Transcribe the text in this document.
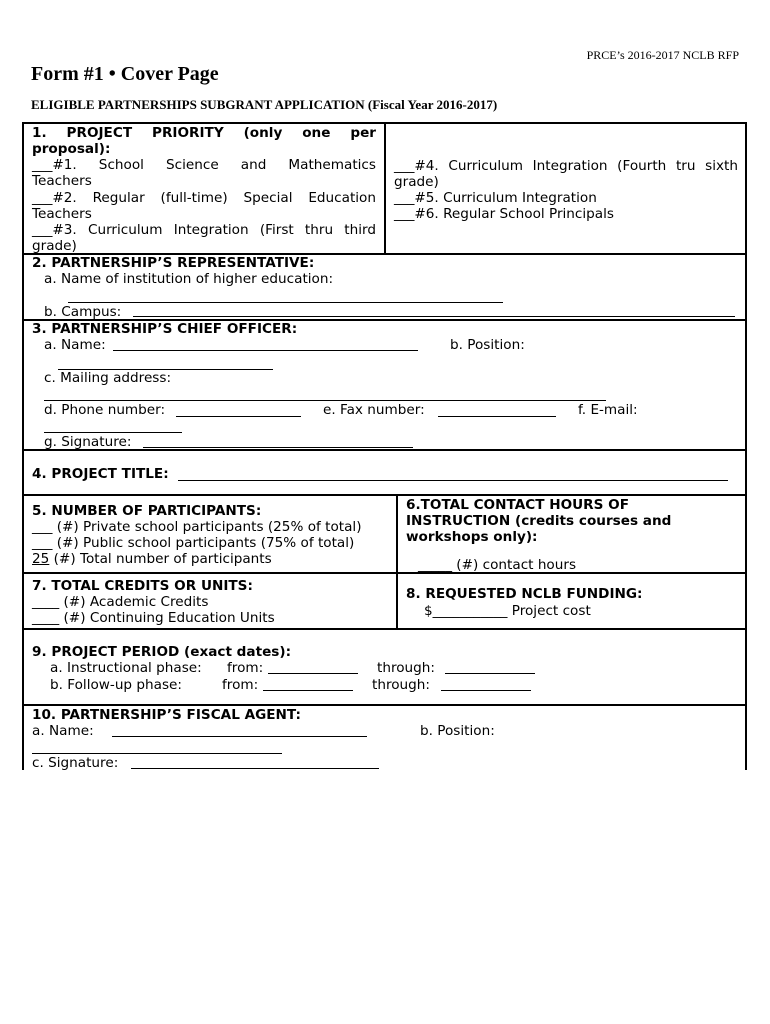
PRCE’s 2016-2017 NCLB RFP
Form #1 • Cover Page
ELIGIBLE PARTNERSHIPS SUBGRANT APPLICATION (Fiscal Year 2016-2017)
1. PROJECT PRIORITY (only one per
proposal):
___#1. School Science and Mathematics
Teachers
___#2. Regular (full-time) Special Education
Teachers
___#3. Curriculum Integration (First thru third
grade)
___#4. Curriculum Integration (Fourth tru sixth
grade)
___#5. Curriculum Integration
___#6. Regular School Principals
2. PARTNERSHIP’S REPRESENTATIVE:
a. Name of institution of higher education:
b. Campus:
3. PARTNERSHIP’S CHIEF OFFICER:
a. Name:	b. Position:
c. Mailing address:
d. Phone number:	e. Fax number:	f. E-mail:
g. Signature:
4. PROJECT TITLE:
5. NUMBER OF PARTICIPANTS:
___ (#) Private school participants (25% of total)
___ (#) Public school participants (75% of total)
25 (#) Total number of participants
6.TOTAL CONTACT HOURS OF
INSTRUCTION (credits courses and
workshops only):
_____ (#) contact hours
7. TOTAL CREDITS OR UNITS:
____ (#) Academic Credits
____ (#) Continuing Education Units
8. REQUESTED NCLB FUNDING:
$___________ Project cost
9. PROJECT PERIOD (exact dates):
a. Instructional phase: from:	through:
b. Follow-up phase:	from:	through:
10. PARTNERSHIP’S FISCAL AGENT:
a. Name:	b. Position:
c. Signature:
